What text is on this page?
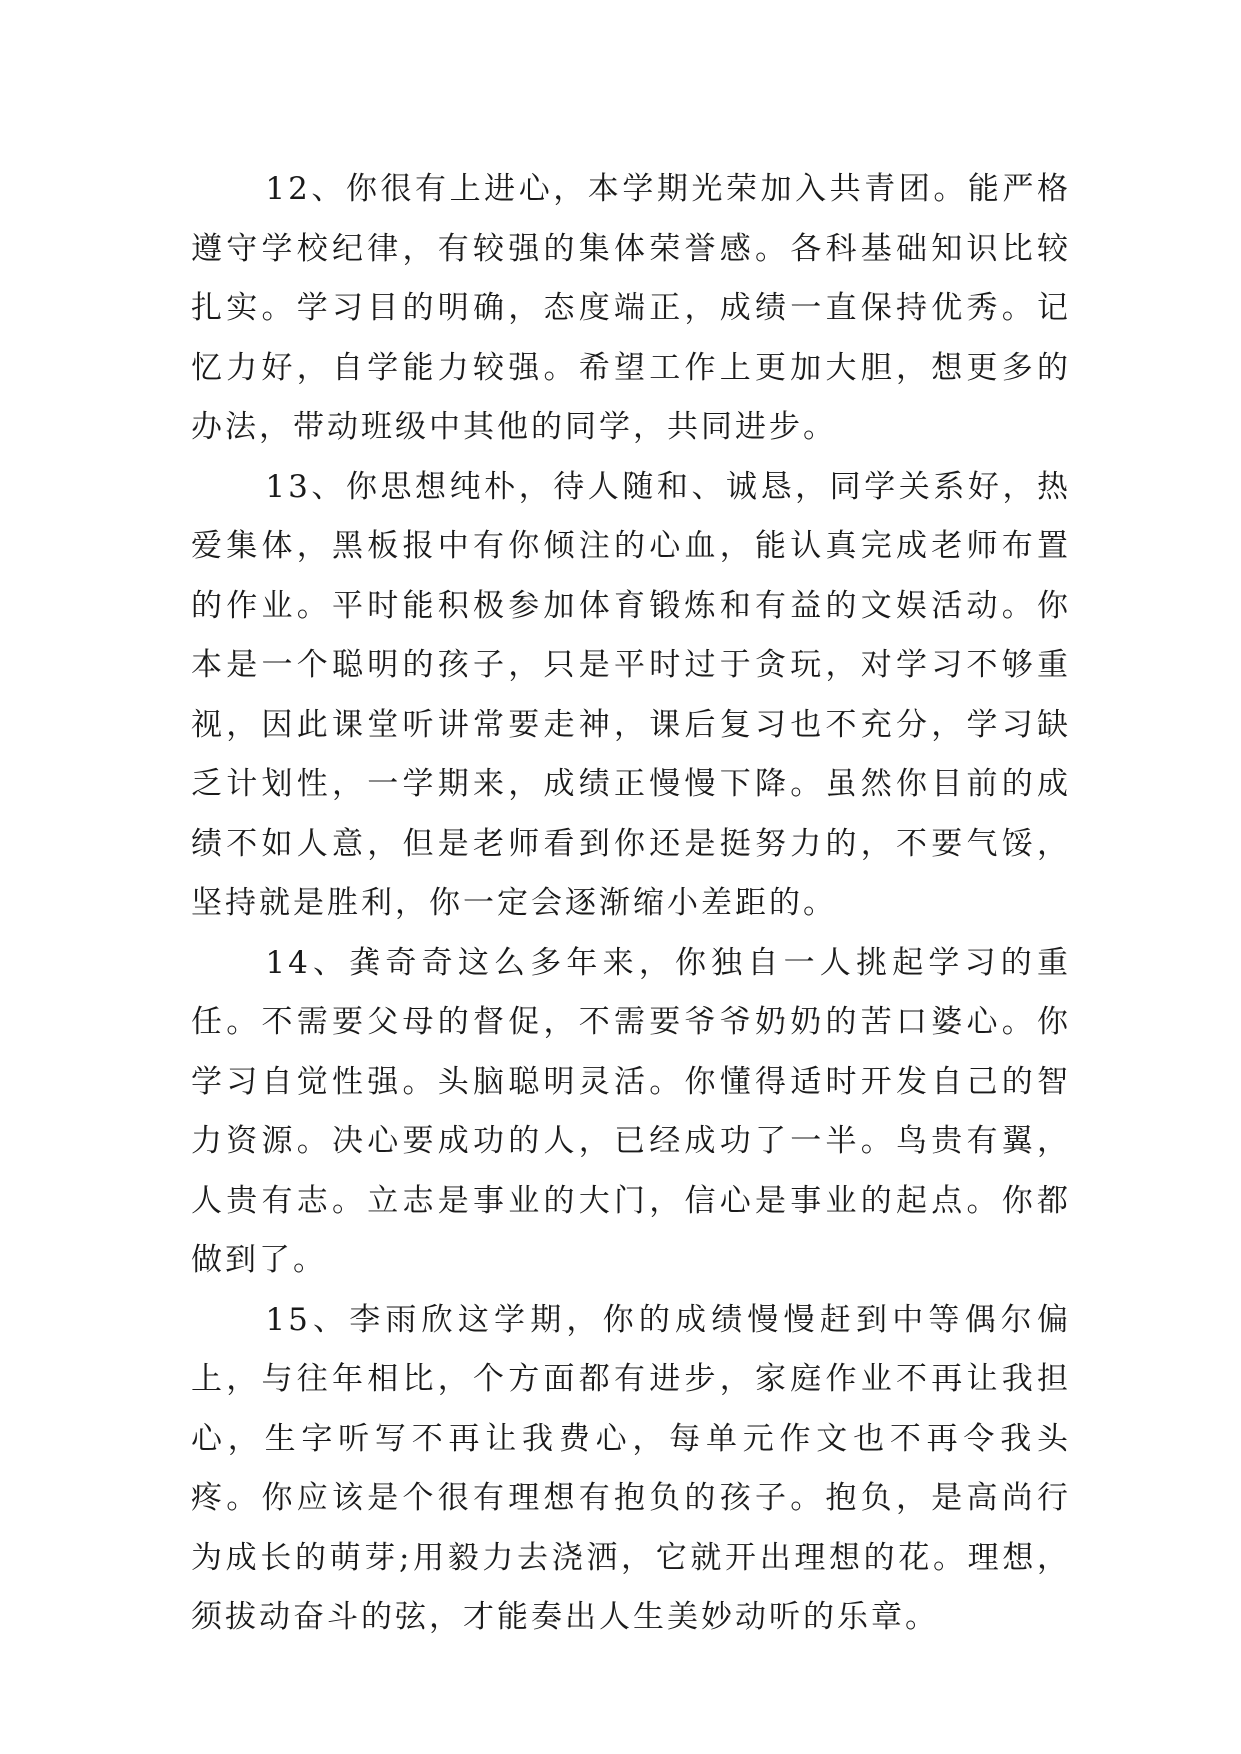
12、你很有上进心，本学期光荣加入共青团。能严格遵守学校纪律，有较强的集体荣誉感。各科基础知识比较扎实。学习目的明确，态度端正，成绩一直保持优秀。记忆力好，自学能力较强。希望工作上更加大胆，想更多的办法，带动班级中其他的同学，共同进步。

13、你思想纯朴，待人随和、诚恳，同学关系好，热爱集体，黑板报中有你倾注的心血，能认真完成老师布置的作业。平时能积极参加体育锻炼和有益的文娱活动。你本是一个聪明的孩子，只是平时过于贪玩，对学习不够重视，因此课堂听讲常要走神，课后复习也不充分，学习缺乏计划性，一学期来，成绩正慢慢下降。虽然你目前的成绩不如人意，但是老师看到你还是挺努力的，不要气馁，坚持就是胜利，你一定会逐渐缩小差距的。

14、龚奇奇这么多年来，你独自一人挑起学习的重任。不需要父母的督促，不需要爷爷奶奶的苦口婆心。你学习自觉性强。头脑聪明灵活。你懂得适时开发自己的智力资源。决心要成功的人，已经成功了一半。鸟贵有翼，人贵有志。立志是事业的大门，信心是事业的起点。你都做到了。

15、李雨欣这学期，你的成绩慢慢赶到中等偶尔偏上，与往年相比，个方面都有进步，家庭作业不再让我担心，生字听写不再让我费心，每单元作文也不再令我头疼。你应该是个很有理想有抱负的孩子。抱负，是高尚行为成长的萌芽;用毅力去浇洒，它就开出理想的花。理想，须拔动奋斗的弦，才能奏出人生美妙动听的乐章。
